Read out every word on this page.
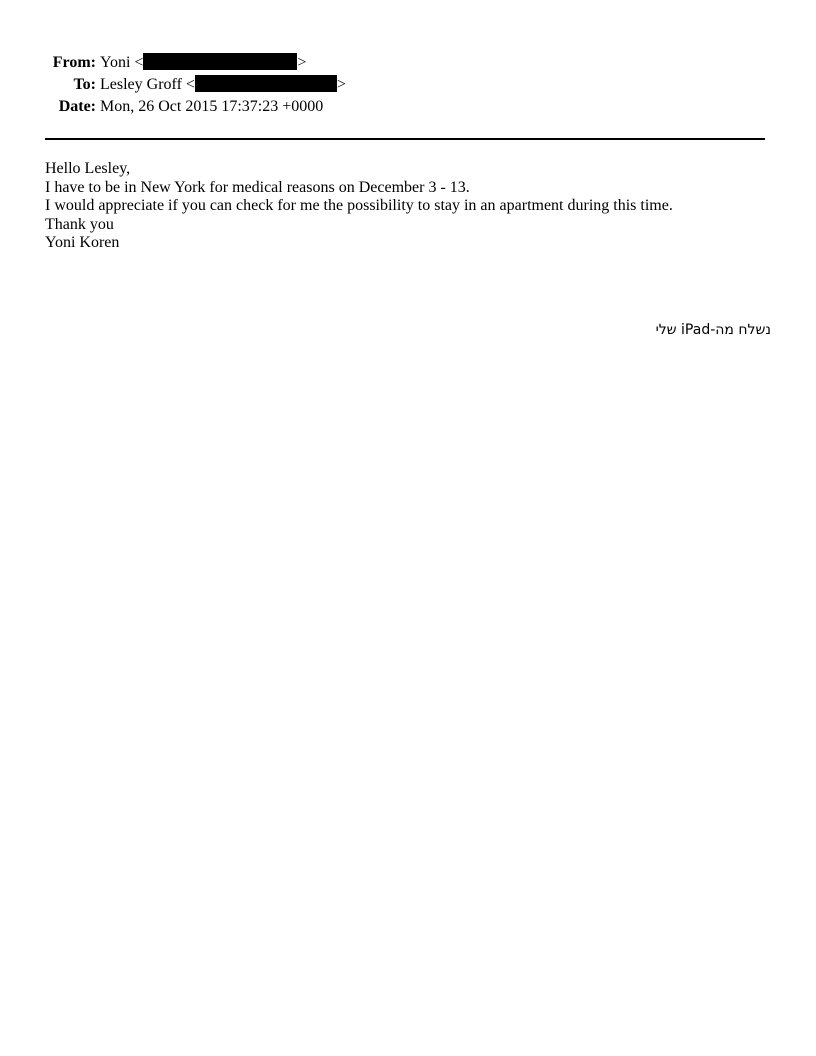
From: Yoni <	>
To: Lesley Groff <	>
Date: Mon, 26 Oct 2015 17:37:23 +0000
Hello Lesley,
I have to be in New York for medical reasons on December 3 - 13.
I would appreciate if you can check for me the possibility to stay in an apartment during this time.
Thank you
Yoni Koren
נשלח מה-iPad שלי
